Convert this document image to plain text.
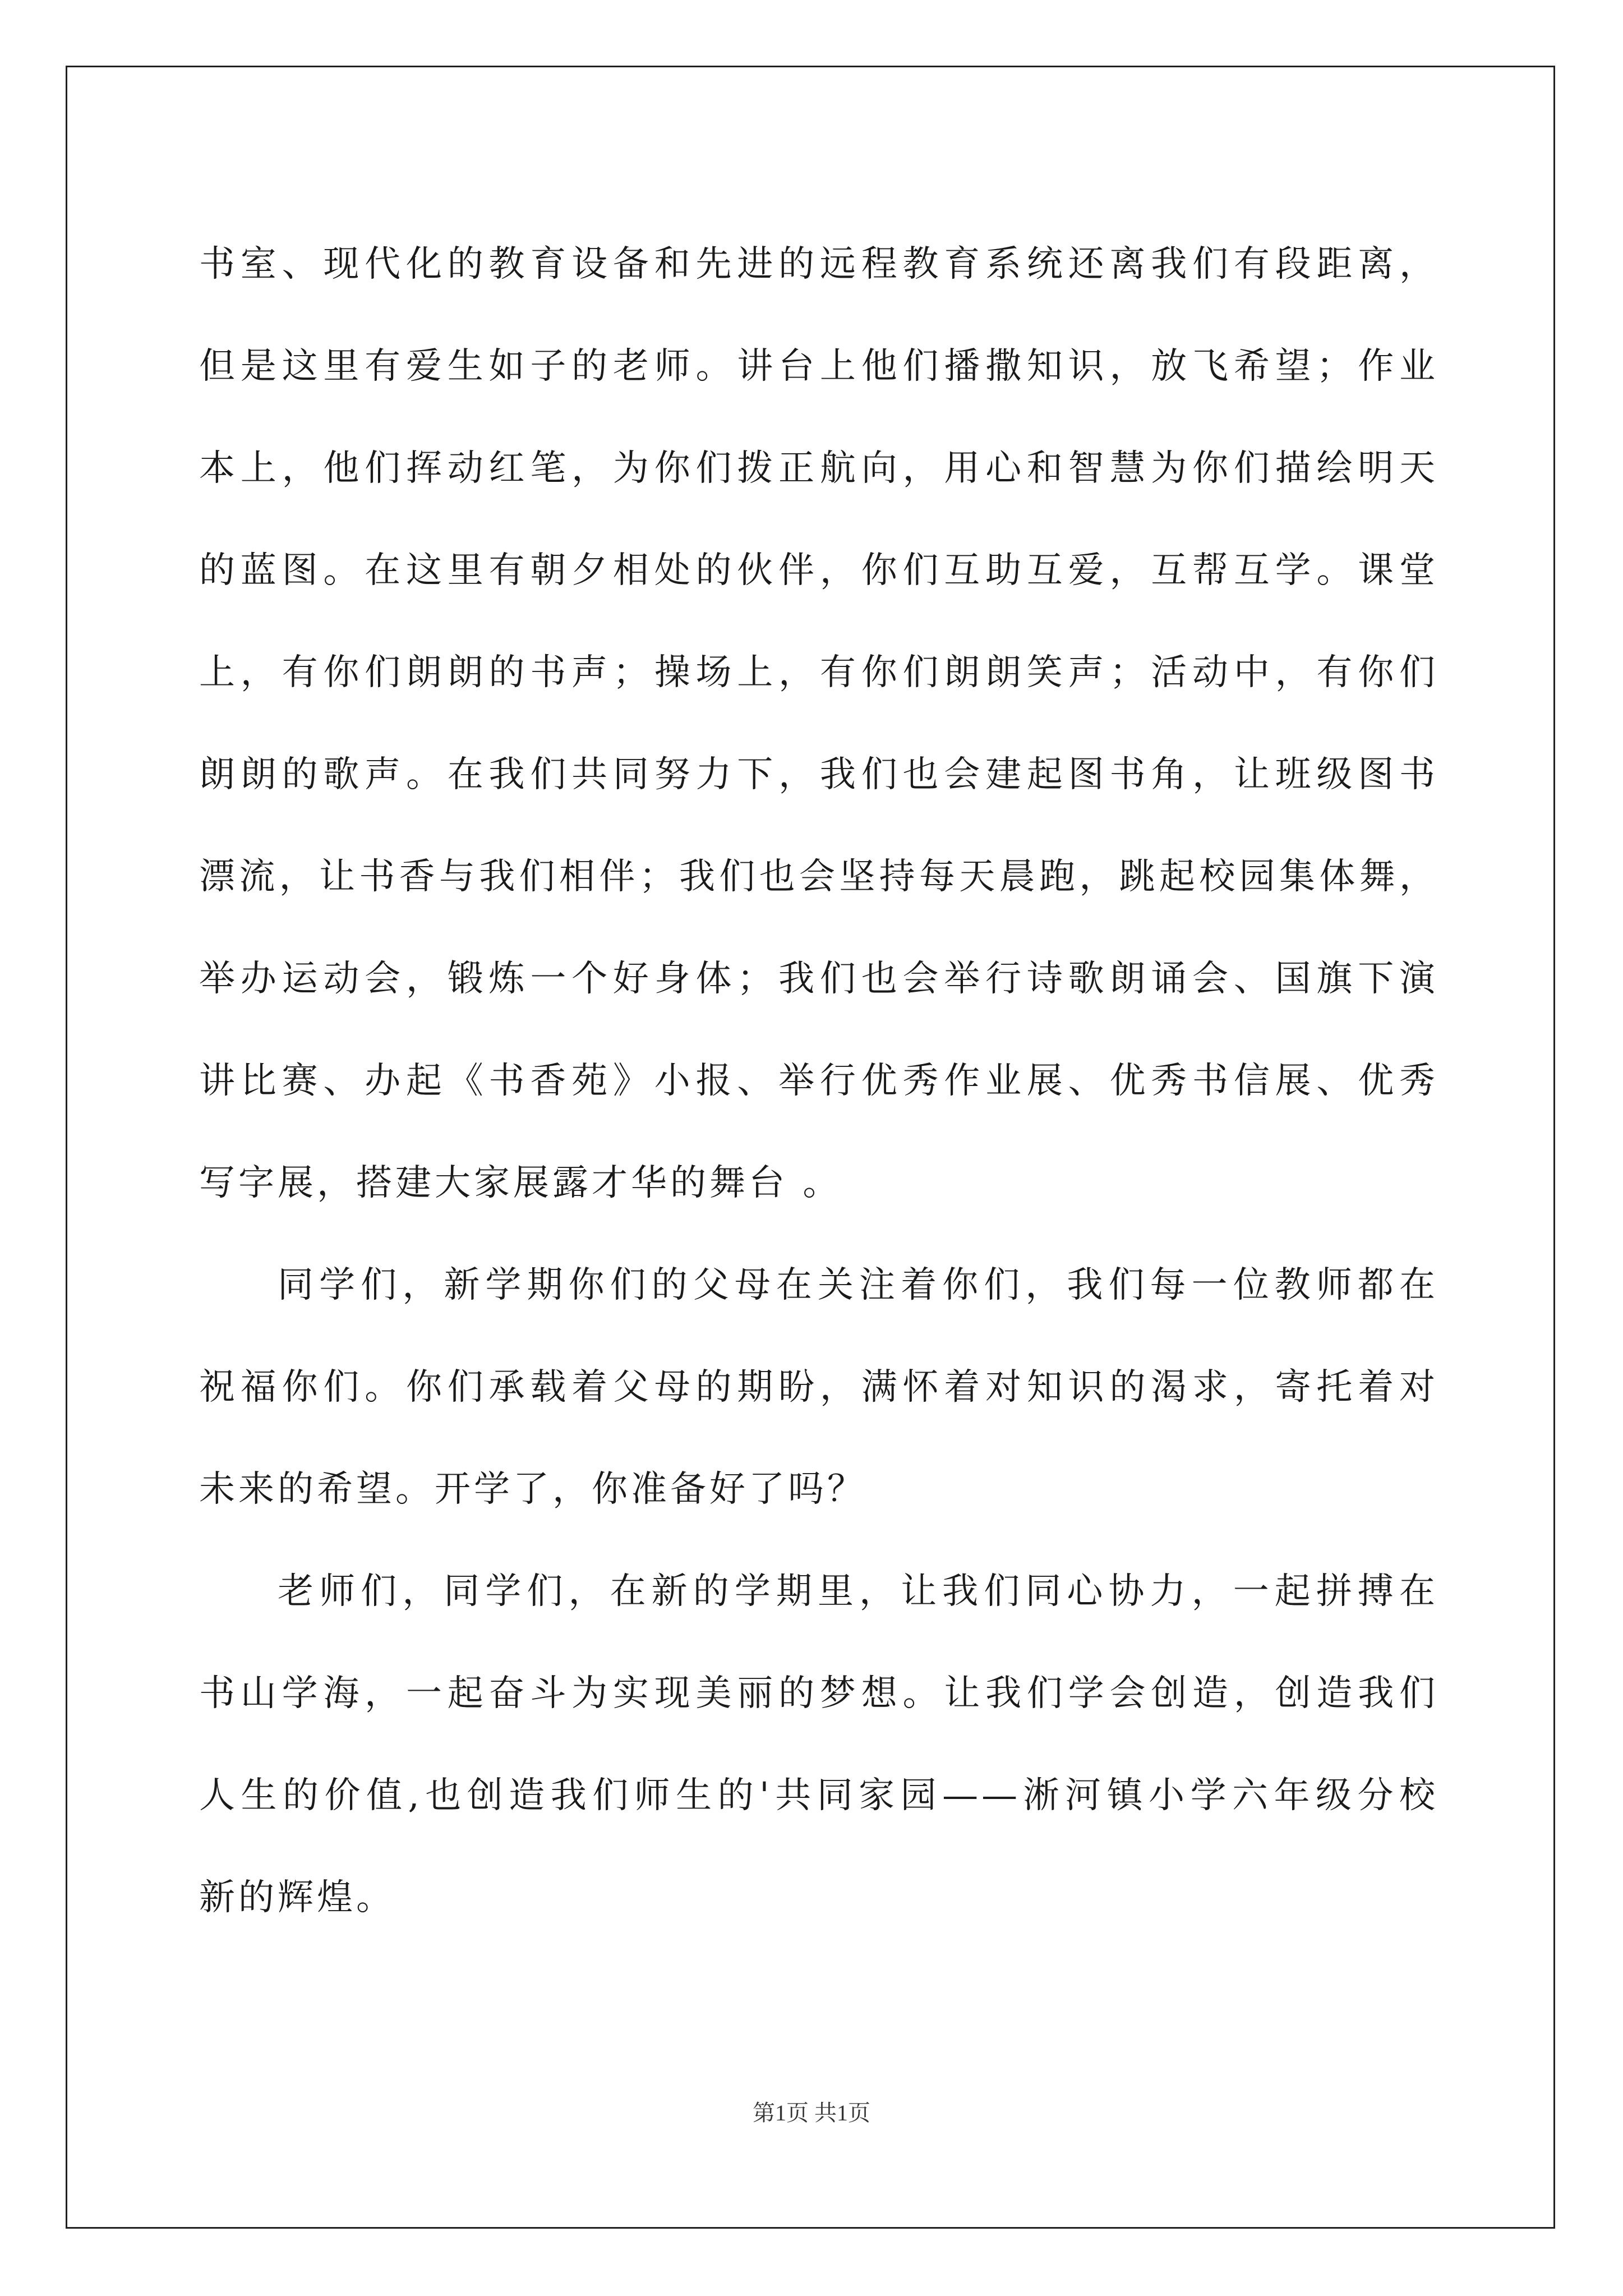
书室、现代化的教育设备和先进的远程教育系统还离我们有段距离，
但是这里有爱生如子的老师。讲台上他们播撒知识，放飞希望；作业
本上，他们挥动红笔，为你们拨正航向，用心和智慧为你们描绘明天
的蓝图。在这里有朝夕相处的伙伴，你们互助互爱，互帮互学。课堂
上，有你们朗朗的书声；操场上，有你们朗朗笑声；活动中，有你们
朗朗的歌声。在我们共同努力下，我们也会建起图书角，让班级图书
漂流，让书香与我们相伴；我们也会坚持每天晨跑，跳起校园集体舞，
举办运动会，锻炼一个好身体；我们也会举行诗歌朗诵会、国旗下演
讲比赛、办起《书香苑》小报、举行优秀作业展、优秀书信展、优秀
写字展，搭建大家展露才华的舞台 。
同学们，新学期你们的父母在关注着你们，我们每一位教师都在
祝福你们。你们承载着父母的期盼，满怀着对知识的渴求，寄托着对
未来的希望。开学了，你准备好了吗？
老师们，同学们，在新的学期里，让我们同心协力，一起拼搏在
书山学海，一起奋斗为实现美丽的梦想。让我们学会创造，创造我们
人生的价值,也创造我们师生的'共同家园——淅河镇小学六年级分校
新的辉煌。
第1页 共1页
